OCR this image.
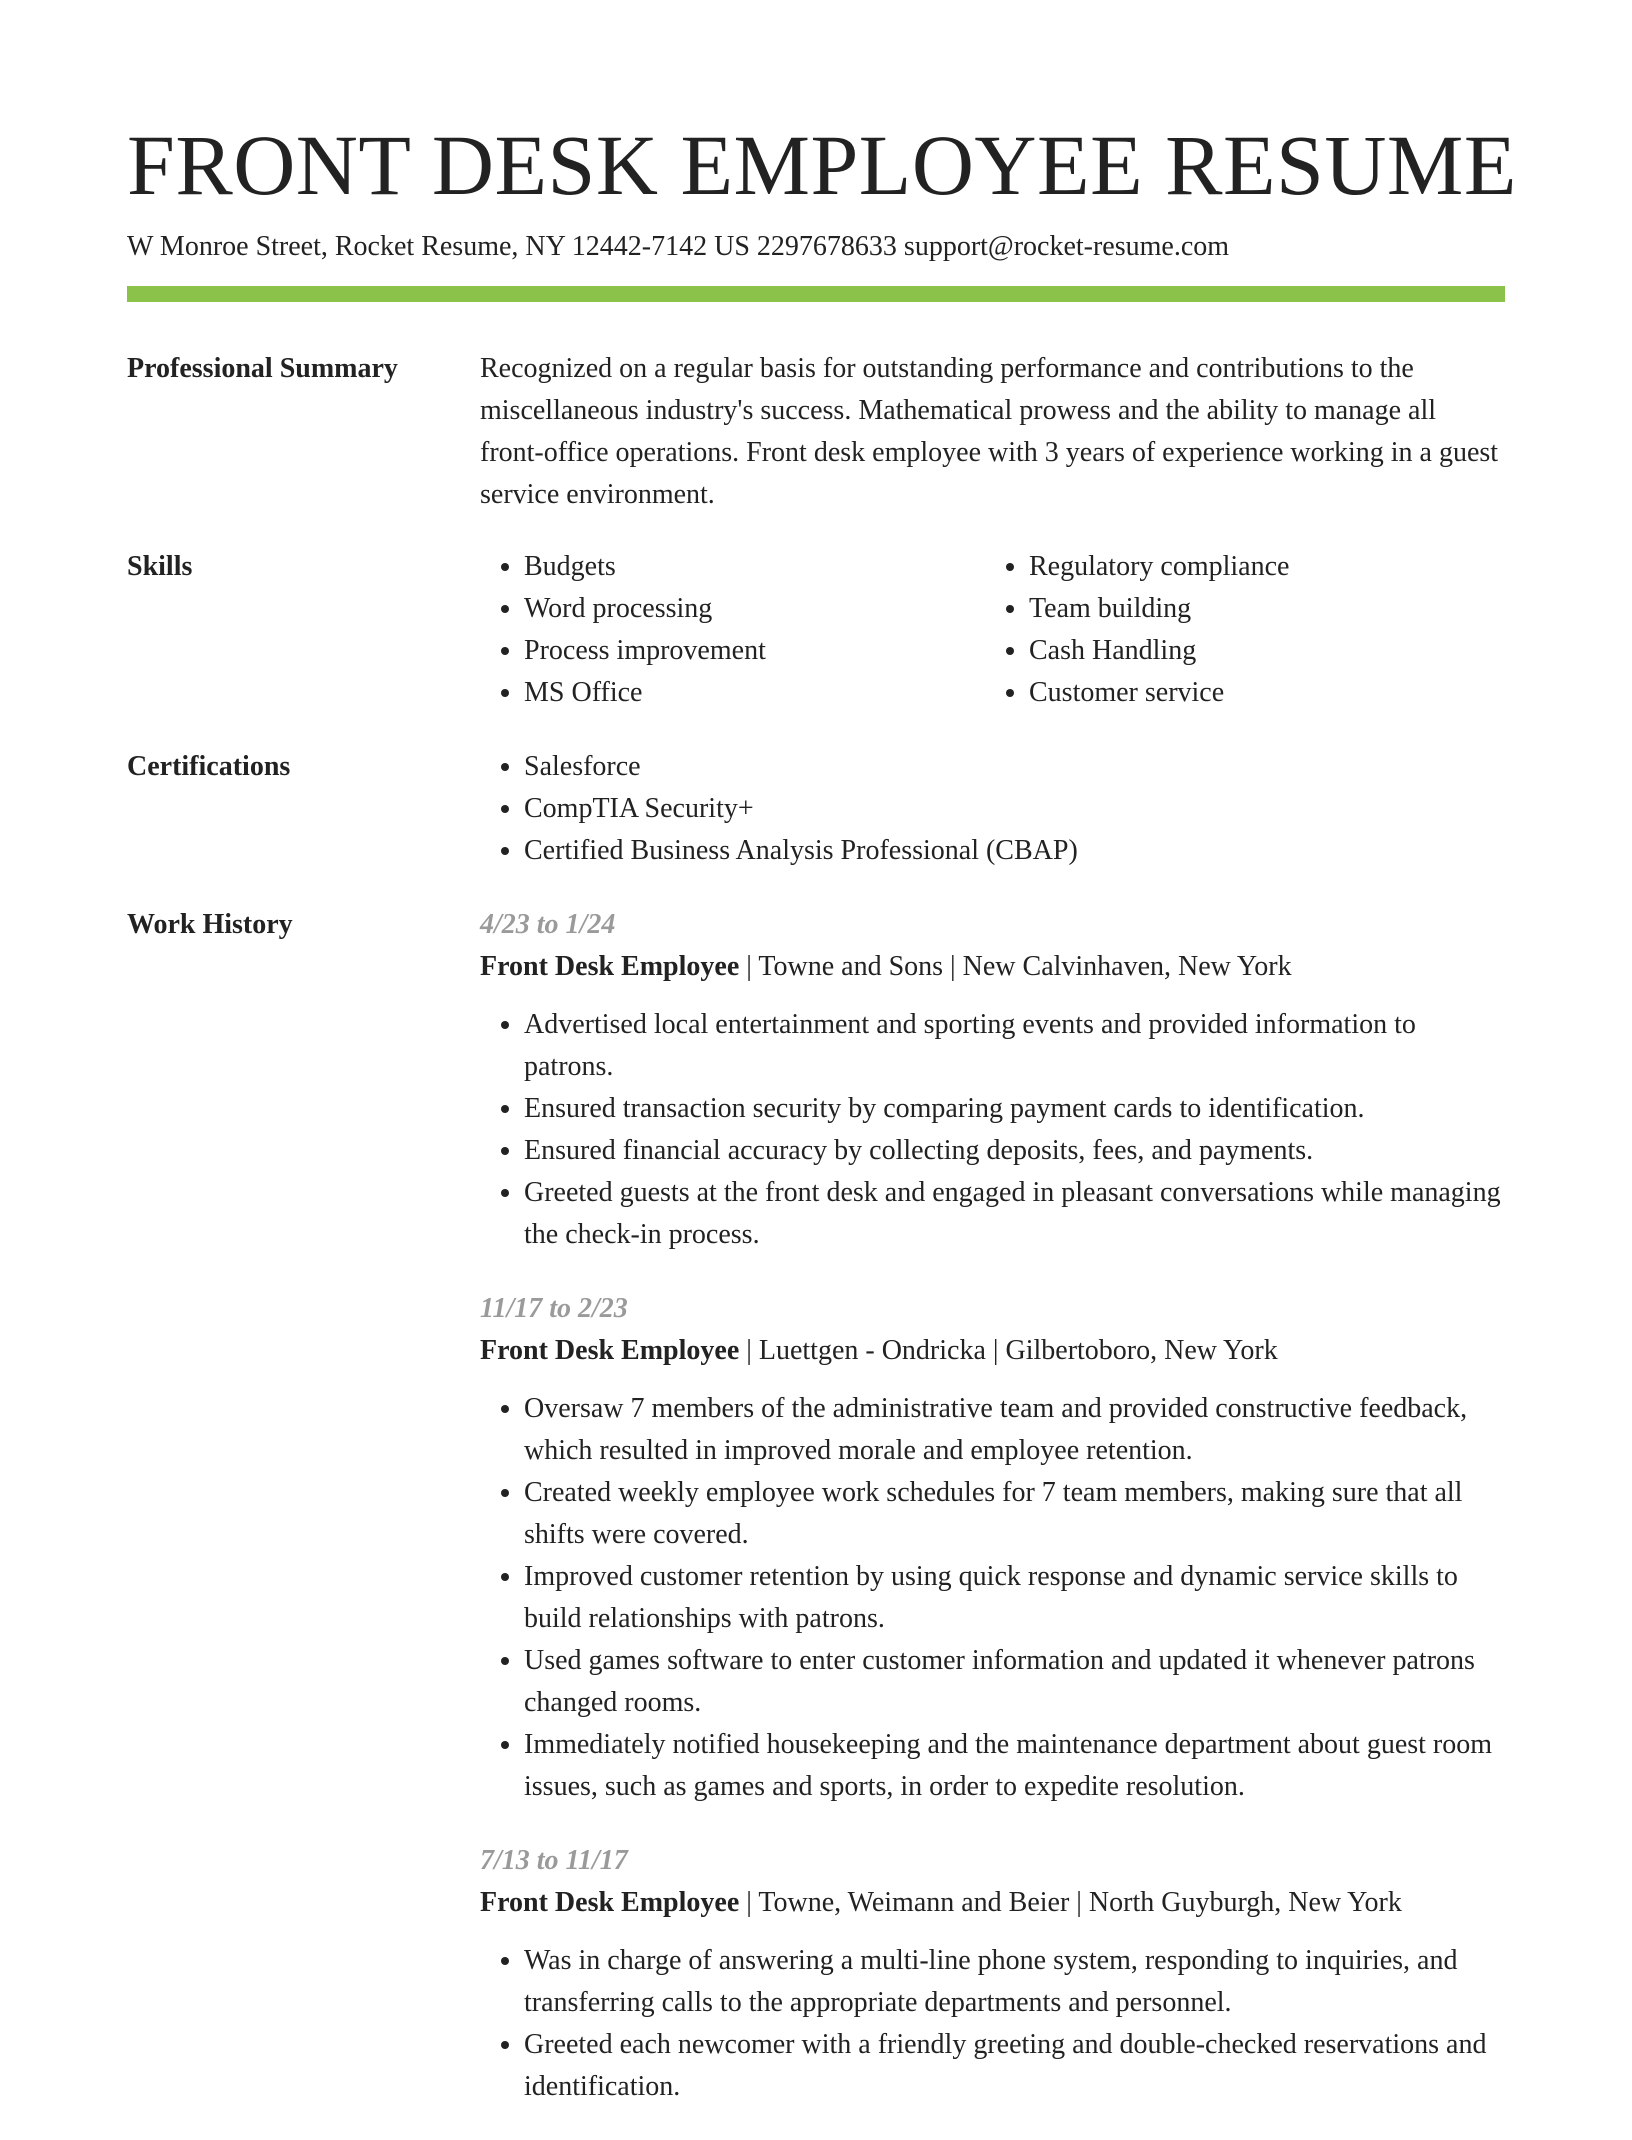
FRONT DESK EMPLOYEE RESUME
W Monroe Street, Rocket Resume, NY 12442-7142 US 2297678633 support@rocket-resume.com
Professional Summary	Recognized on a regular basis for outstanding performance and contributions to the miscellaneous industry's success. Mathematical prowess and the ability to manage all front-office operations. Front desk employee with 3 years of experience working in a guest service environment.

Skills	• Budgets
• Word processing
• Process improvement
• MS Office
• Regulatory compliance
• Team building
• Cash Handling
• Customer service
Certifications	• Salesforce
• CompTIA Security+
• Certified Business Analysis Professional (CBAP)
Work History	4/23 to 1/24
Front Desk Employee | Towne and Sons | New Calvinhaven, New York
• Advertised local entertainment and sporting events and provided information to patrons.
• Ensured transaction security by comparing payment cards to identification.
• Ensured financial accuracy by collecting deposits, fees, and payments.
• Greeted guests at the front desk and engaged in pleasant conversations while managing the check-in process.
11/17 to 2/23
Front Desk Employee | Luettgen - Ondricka | Gilbertoboro, New York
• Oversaw 7 members of the administrative team and provided constructive feedback, which resulted in improved morale and employee retention.
• Created weekly employee work schedules for 7 team members, making sure that all shifts were covered.
• Improved customer retention by using quick response and dynamic service skills to build relationships with patrons.
• Used games software to enter customer information and updated it whenever patrons changed rooms.
• Immediately notified housekeeping and the maintenance department about guest room issues, such as games and sports, in order to expedite resolution.
7/13 to 11/17
Front Desk Employee | Towne, Weimann and Beier | North Guyburgh, New York
• Was in charge of answering a multi-line phone system, responding to inquiries, and transferring calls to the appropriate departments and personnel.
• Greeted each newcomer with a friendly greeting and double-checked reservations and identification.
